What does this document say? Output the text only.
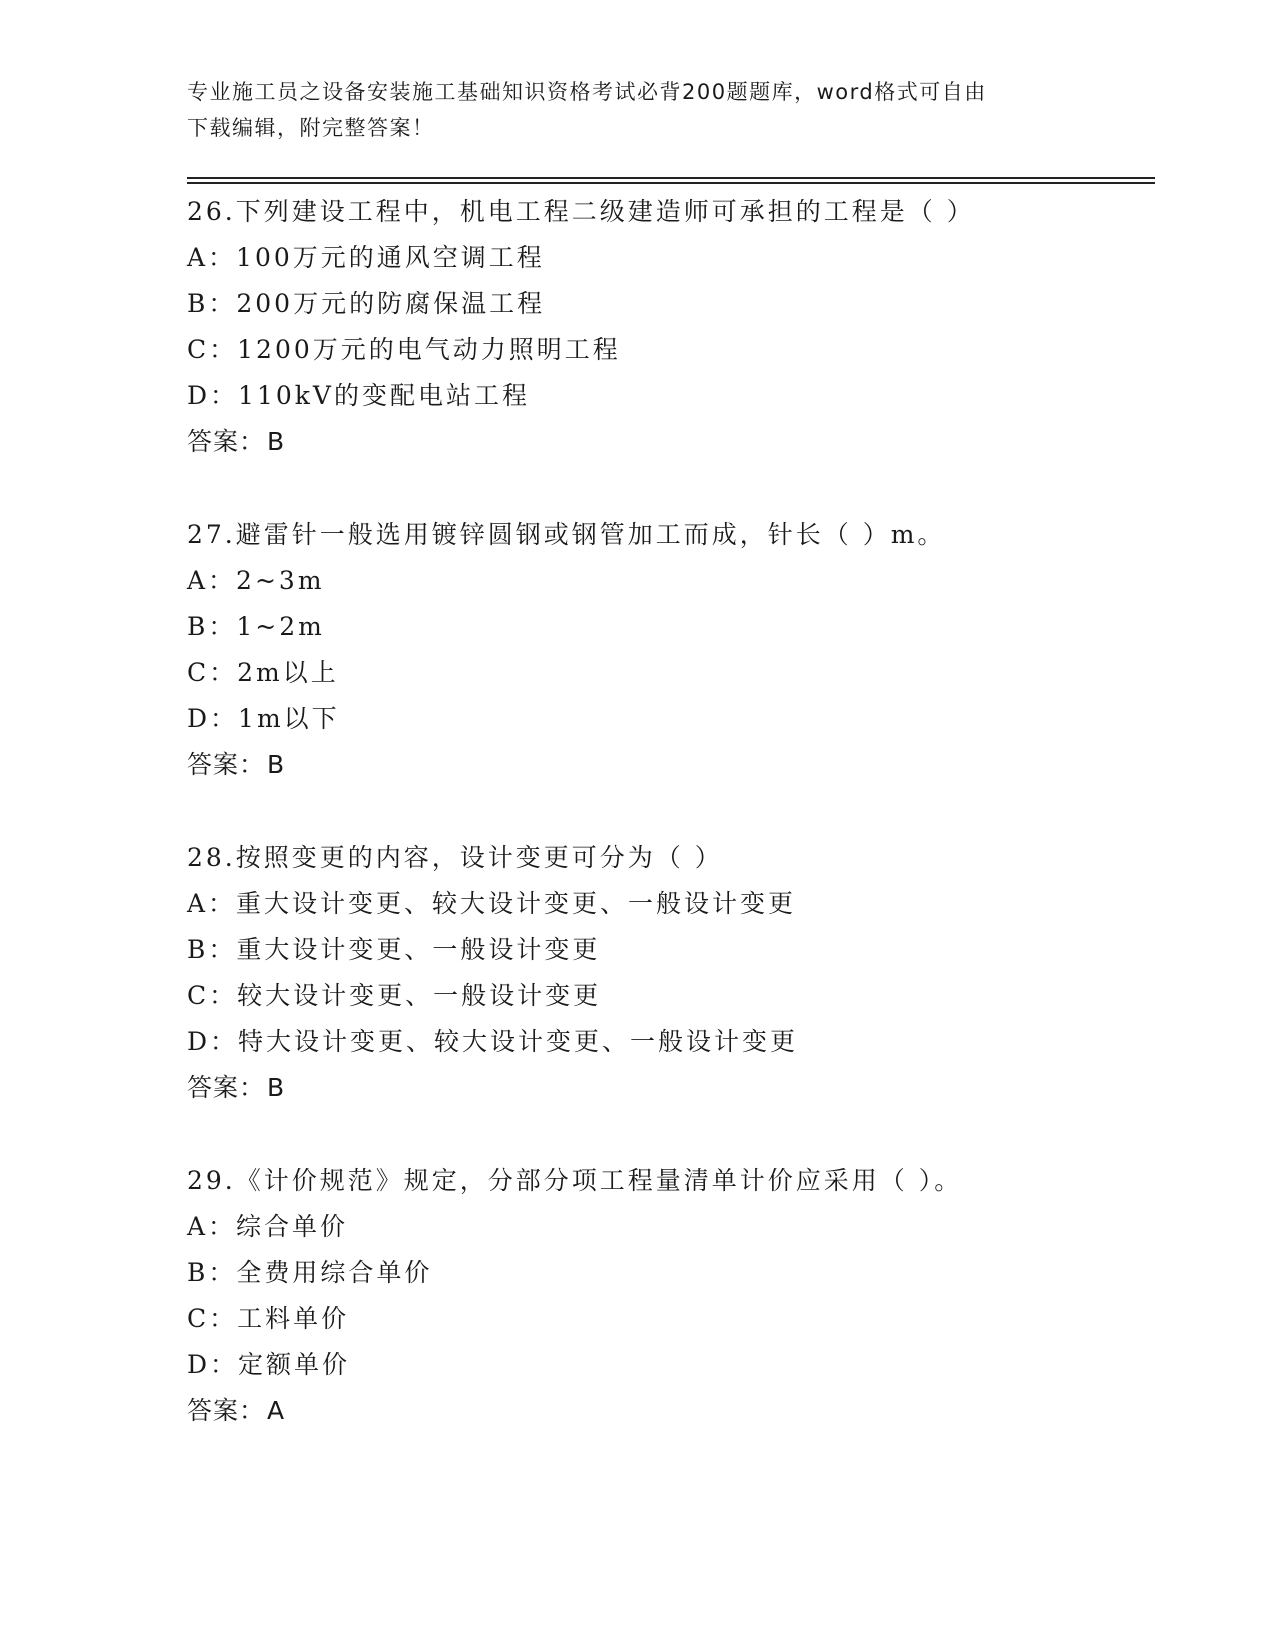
专业施工员之设备安装施工基础知识资格考试必背200题题库，word格式可自由
下载编辑，附完整答案！
26.下列建设工程中，机电工程二级建造师可承担的工程是（ ）
A：100万元的通风空调工程
B：200万元的防腐保温工程
C：1200万元的电气动力照明工程
D：110kV的变配电站工程
答案：B
27.避雷针一般选用镀锌圆钢或钢管加工而成，针长（ ）m。
A：2~3m
B：1~2m
C：2m以上
D：1m以下
答案：B
28.按照变更的内容，设计变更可分为（ ）
A：重大设计变更、较大设计变更、一般设计变更
B：重大设计变更、一般设计变更
C：较大设计变更、一般设计变更
D：特大设计变更、较大设计变更、一般设计变更
答案：B
29.《计价规范》规定，分部分项工程量清单计价应采用（ ）。
A：综合单价
B：全费用综合单价
C：工料单价
D：定额单价
答案：A
